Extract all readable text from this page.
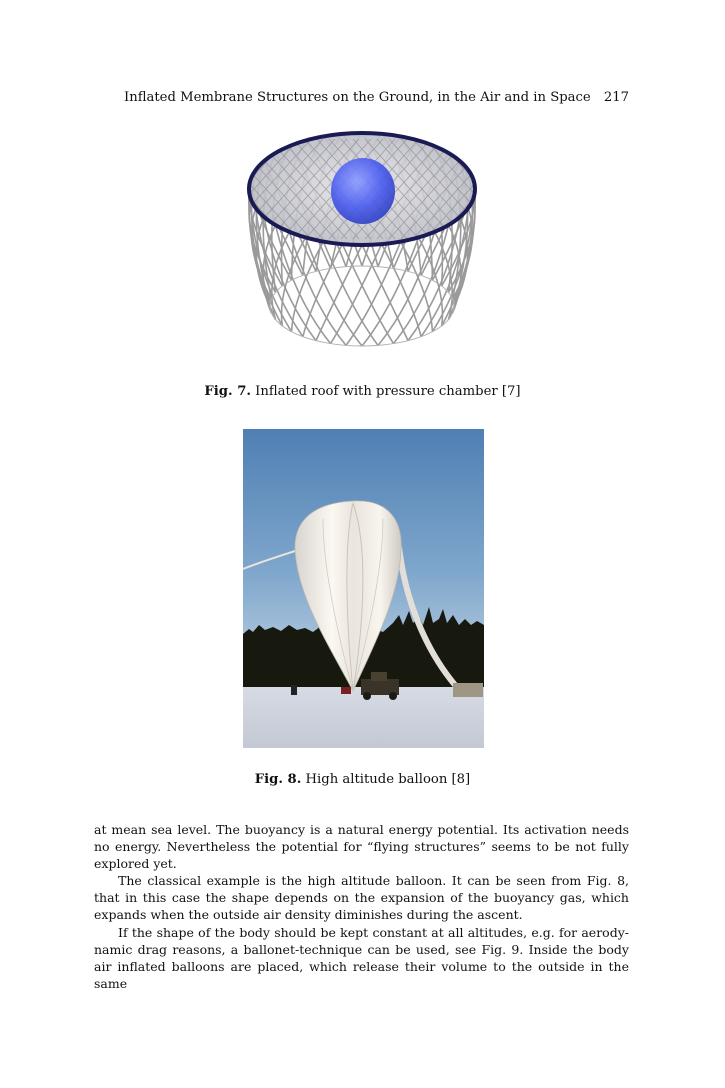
Inflated Membrane Structures on the Ground, in the Air and in Space 217
Fig. 7. Inflated roof with pressure chamber [7]
Fig. 8. High altitude balloon [8]

at mean sea level. The buoyancy is a natural energy potential. Its activation needs no energy. Nevertheless the potential for “flying structures” seems to be not fully explored yet.

The classical example is the high altitude balloon. It can be seen from Fig. 8, that in this case the shape depends on the expansion of the buoyancy gas, which expands when the outside air density diminishes during the ascent.

If the shape of the body should be kept constant at all altitudes, e.g. for aerodynamic drag reasons, a ballonet-technique can be used, see Fig. 9. Inside the body air inflated balloons are placed, which release their volume to the outside in the same
